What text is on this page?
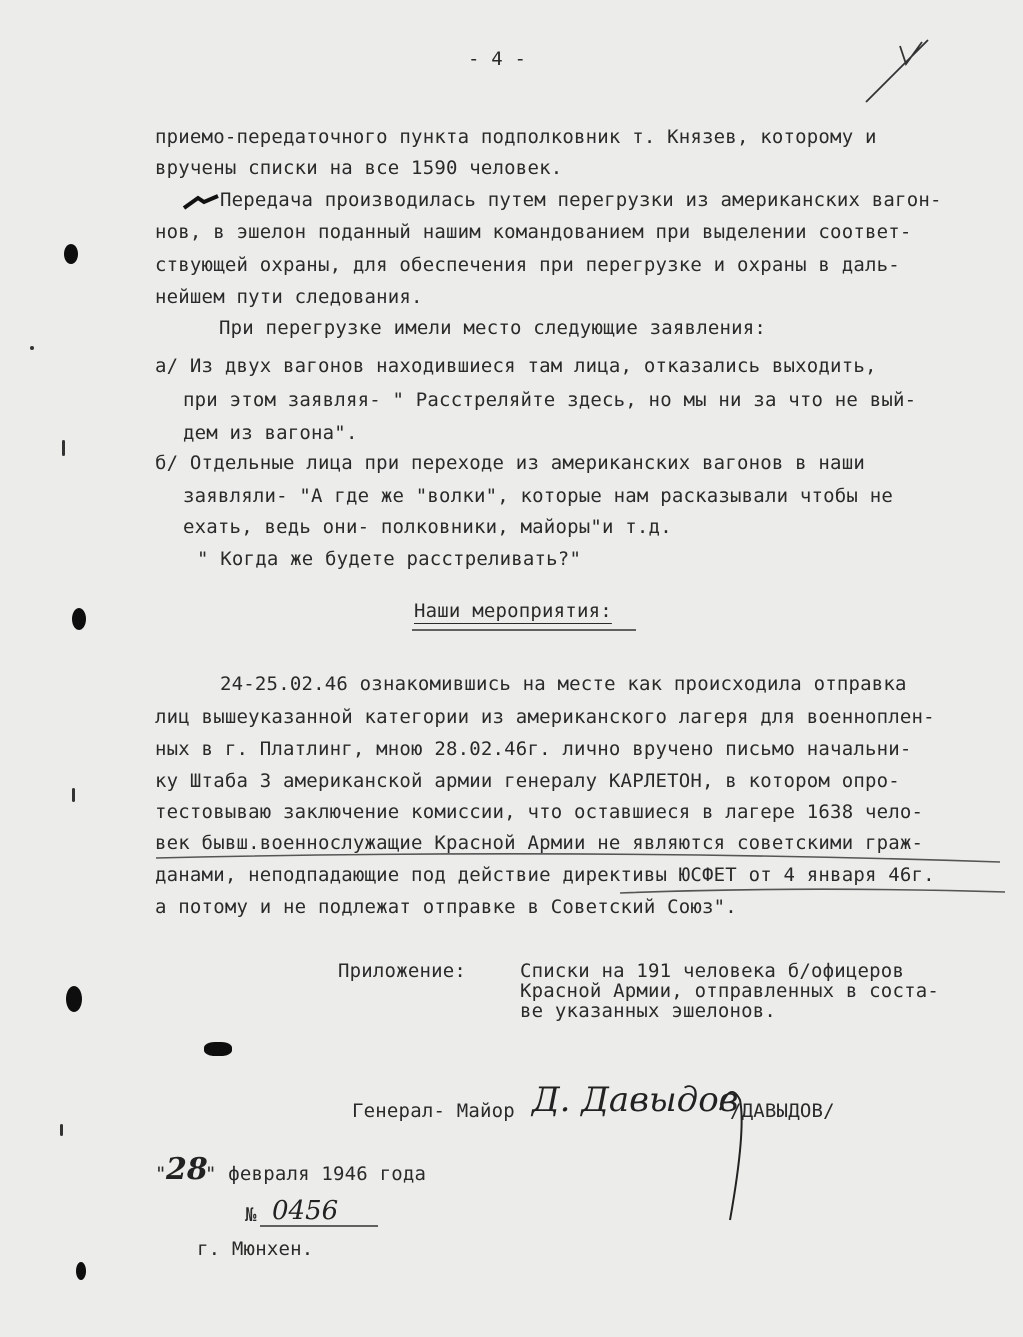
- 4 -
приемо-передаточного пункта подполковник т. Князев, которому и
вручены списки на все 1590 человек.
Передача производилась путем перегрузки из американских вагон-
нов, в эшелон поданный нашим командованием при выделении соответ-
ствующей охраны, для обеспечения при перегрузке и охраны в даль-
нейшем пути следования.
При перегрузке имели место следующие заявления:
а/ Из двух вагонов находившиеся там лица, отказались выходить,
при этом заявляя- " Расстреляйте здесь, но мы ни за что не вый-
дем из вагона".
б/ Отдельные лица при переходе из американских вагонов в наши
заявляли- "А где же "волки", которые нам расказывали чтобы не
ехать, ведь они- полковники, майоры"и т.д.
" Когда же будете расстреливать?"
Наши мероприятия:
24-25.02.46 ознакомившись на месте как происходила отправка
лиц вышеуказанной категории из американского лагеря для военноплен-
ных в г. Платлинг, мною 28.02.46г. лично вручено письмо начальни-
ку Штаба 3 американской армии генералу КАРЛЕТОН, в котором опро-
тестовываю заключение комиссии, что оставшиеся в лагере 1638 чело-
век бывш.военнослужащие Красной Армии не являются советскими граж-
данами, неподпадающие под действие директивы ЮСФЕТ от 4 января 46г.
а потому и не подлежат отправке в Советский Союз".
Приложение:	Списки на 191 человека б/офицеров
Красной Армии, отправленных в соста-
ве указанных эшелонов.
Генерал- Майор Д. Давыдов
/ДАВЫДОВ/
" 28
" февраля 1946 года
№ 0456
г. Мюнхен.
